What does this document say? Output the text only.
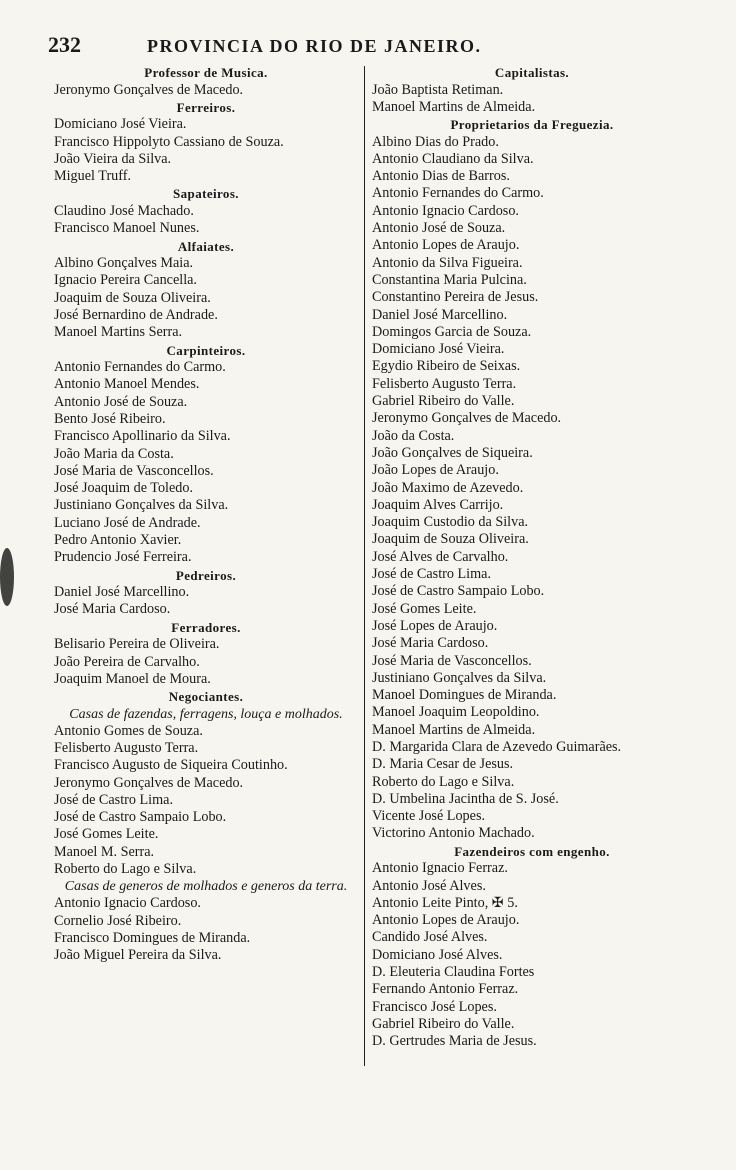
232	PROVINCIA DO RIO DE JANEIRO.
Professor de Musica.
Jeronymo Gonçalves de Macedo.
Ferreiros.
Domiciano José Vieira.
Francisco Hippolyto Cassiano de Souza.
João Vieira da Silva.
Miguel Truff.
Sapateiros.
Claudino José Machado.
Francisco Manoel Nunes.
Alfaiates.
Albino Gonçalves Maia.
Ignacio Pereira Cancella.
Joaquim de Souza Oliveira.
José Bernardino de Andrade.
Manoel Martins Serra.
Carpinteiros.
Antonio Fernandes do Carmo.
Antonio Manoel Mendes.
Antonio José de Souza.
Bento José Ribeiro.
Francisco Apollinario da Silva.
João Maria da Costa.
José Maria de Vasconcellos.
José Joaquim de Toledo.
Justiniano Gonçalves da Silva.
Luciano José de Andrade.
Pedro Antonio Xavier.
Prudencio José Ferreira.
Pedreiros.
Daniel José Marcellino.
José Maria Cardoso.
Ferradores.
Belisario Pereira de Oliveira.
João Pereira de Carvalho.
Joaquim Manoel de Moura.
Negociantes.
Casas de fazendas, ferragens, louça e molhados.
Antonio Gomes de Souza.
Felisberto Augusto Terra.
Francisco Augusto de Siqueira Coutinho.
Jeronymo Gonçalves de Macedo.
José de Castro Lima.
José de Castro Sampaio Lobo.
José Gomes Leite.
Manoel M. Serra.
Roberto do Lago e Silva.
Casas de generos de molhados e generos da terra.
Antonio Ignacio Cardoso.
Cornelio José Ribeiro.
Francisco Domingues de Miranda.
João Miguel Pereira da Silva.
Capitalistas.
João Baptista Retiman.
Manoel Martins de Almeida.
Proprietarios da Freguezia.
Albino Dias do Prado.
Antonio Claudiano da Silva.
Antonio Dias de Barros.
Antonio Fernandes do Carmo.
Antonio Ignacio Cardoso.
Antonio José de Souza.
Antonio Lopes de Araujo.
Antonio da Silva Figueira.
Constantina Maria Pulcina.
Constantino Pereira de Jesus.
Daniel José Marcellino.
Domingos Garcia de Souza.
Domiciano José Vieira.
Egydio Ribeiro de Seixas.
Felisberto Augusto Terra.
Gabriel Ribeiro do Valle.
Jeronymo Gonçalves de Macedo.
João da Costa.
João Gonçalves de Siqueira.
João Lopes de Araujo.
João Maximo de Azevedo.
Joaquim Alves Carrijo.
Joaquim Custodio da Silva.
Joaquim de Souza Oliveira.
José Alves de Carvalho.
José de Castro Lima.
José de Castro Sampaio Lobo.
José Gomes Leite.
José Lopes de Araujo.
José Maria Cardoso.
José Maria de Vasconcellos.
Justiniano Gonçalves da Silva.
Manoel Domingues de Miranda.
Manoel Joaquim Leopoldino.
Manoel Martins de Almeida.
D. Margarida Clara de Azevedo Guimarães.
D. Maria Cesar de Jesus.
Roberto do Lago e Silva.
D. Umbelina Jacintha de S. José.
Vicente José Lopes.
Victorino Antonio Machado.
Fazendeiros com engenho.
Antonio Ignacio Ferraz.
Antonio José Alves.
Antonio Leite Pinto, ✠ 5.
Antonio Lopes de Araujo.
Candido José Alves.
Domiciano José Alves.
D. Eleuteria Claudina Fortes
Fernando Antonio Ferraz.
Francisco José Lopes.
Gabriel Ribeiro do Valle.
D. Gertrudes Maria de Jesus.
